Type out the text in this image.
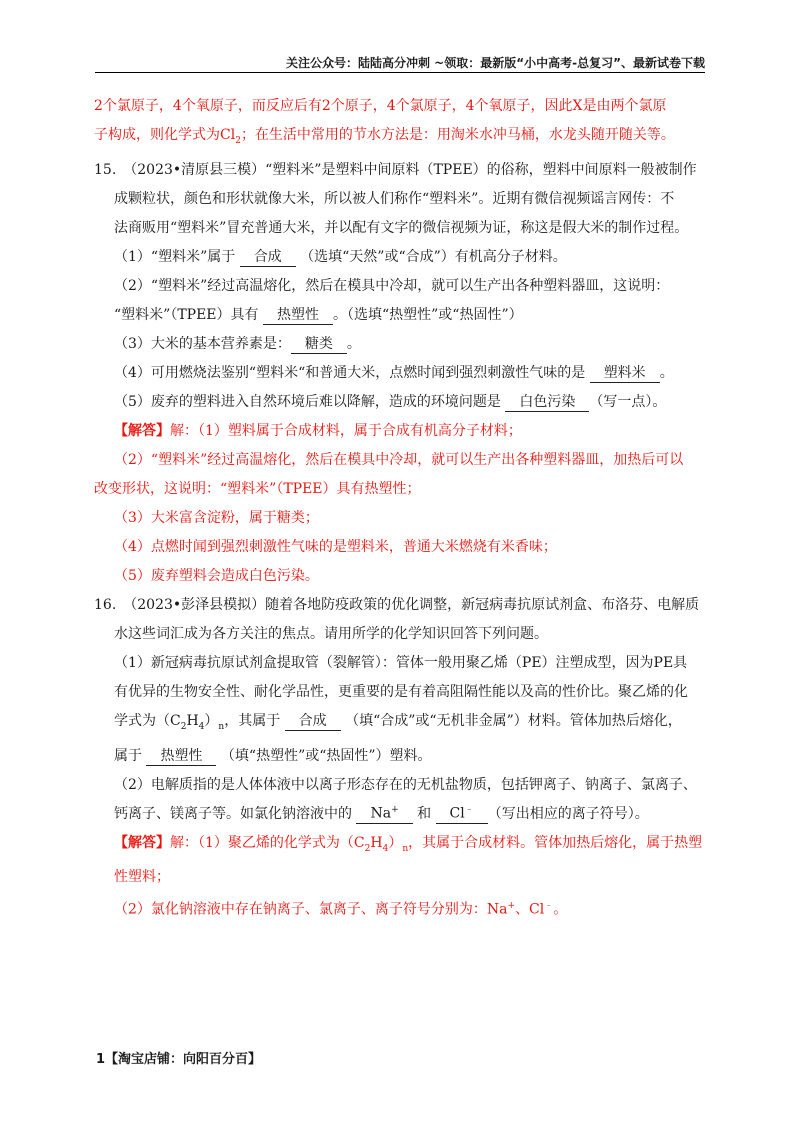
关注公众号：陆陆高分冲刺 ~领取：最新版“小中高考-总复习”、最新试卷下载

2个氯原子，4个氧原子，而反应后有2个原子，4个氯原子，4个氧原子，因此X是由两个氯原

子构成，则化学式为$Cl_2$；在生活中常用的节水方法是：用淘米水冲马桶，水龙头随开随关等。

15.　（2023•清原县三模）“塑料米”是塑料中间原料（TPEE）的俗称，塑料中间原料一般被制作

成颗粒状，颜色和形状就像大米，所以被人们称作“塑料米”。近期有微信视频谣言网传：不

法商贩用“塑料米”冒充普通大米，并以配有文字的微信视频为证，称这是假大米的制作过程。

（1）“塑料米”属于 合成 （选填“天然”或“合成”）有机高分子材料。

（2）“塑料米”经过高温熔化，然后在模具中冷却，就可以生产出各种塑料器皿，这说明：

“塑料米”（TPEE）具有 热塑性 。（选填“热塑性”或“热固性”）

（3）大米的基本营养素是： 糖类 。

（4）可用燃烧法鉴别“塑料米“和普通大米，点燃时闻到强烈刺激性气味的是 塑料米 。

（5）废弃的塑料进入自然环境后难以降解，造成的环境问题是 白色污染 （写一点）。

【解答】解：（1）塑料属于合成材料，属于合成有机高分子材料；

（2）“塑料米”经过高温熔化，然后在模具中冷却，就可以生产出各种塑料器皿，加热后可以

改变形状，这说明：“塑料米”（TPEE）具有热塑性；

（3）大米富含淀粉，属于糖类；

（4）点燃时闻到强烈刺激性气味的是塑料米，普通大米燃烧有米香味；

（5）废弃塑料会造成白色污染。

16.　（2023•彭泽县模拟）随着各地防疫政策的优化调整，新冠病毒抗原试剂盒、布洛芬、电解质

水这些词汇成为各方关注的焦点。请用所学的化学知识回答下列问题。

（1）新冠病毒抗原试剂盒提取管（裂解管）：管体一般用聚乙烯（PE）注塑成型，因为PE具

有优异的生物安全性、耐化学品性，更重要的是有着高阻隔性能以及高的性价比。聚乙烯的化

学式为$(C_2H_4)_n$，其属于 合成 （填“合成”或“无机非金属”）材料。管体加热后熔化，

属于 热塑性 （填“热塑性”或“热固性”）塑料。

（2）电解质指的是人体体液中以离子形态存在的无机盐物质，包括钾离子、钠离子、氯离子、

钙离子、镁离子等。如氯化钠溶液中的 Na+ 和 Cl﹣ （写出相应的离子符号）。

【解答】解：（1）聚乙烯的化学式为$(C_2H_4)_n$，其属于合成材料。管体加热后熔化，属于热塑

性塑料；

（2）氯化钠溶液中存在钠离子、氯离子、离子符号分别为：Na+、Cl﹣。

1【淘宝店铺：向阳百分百】
